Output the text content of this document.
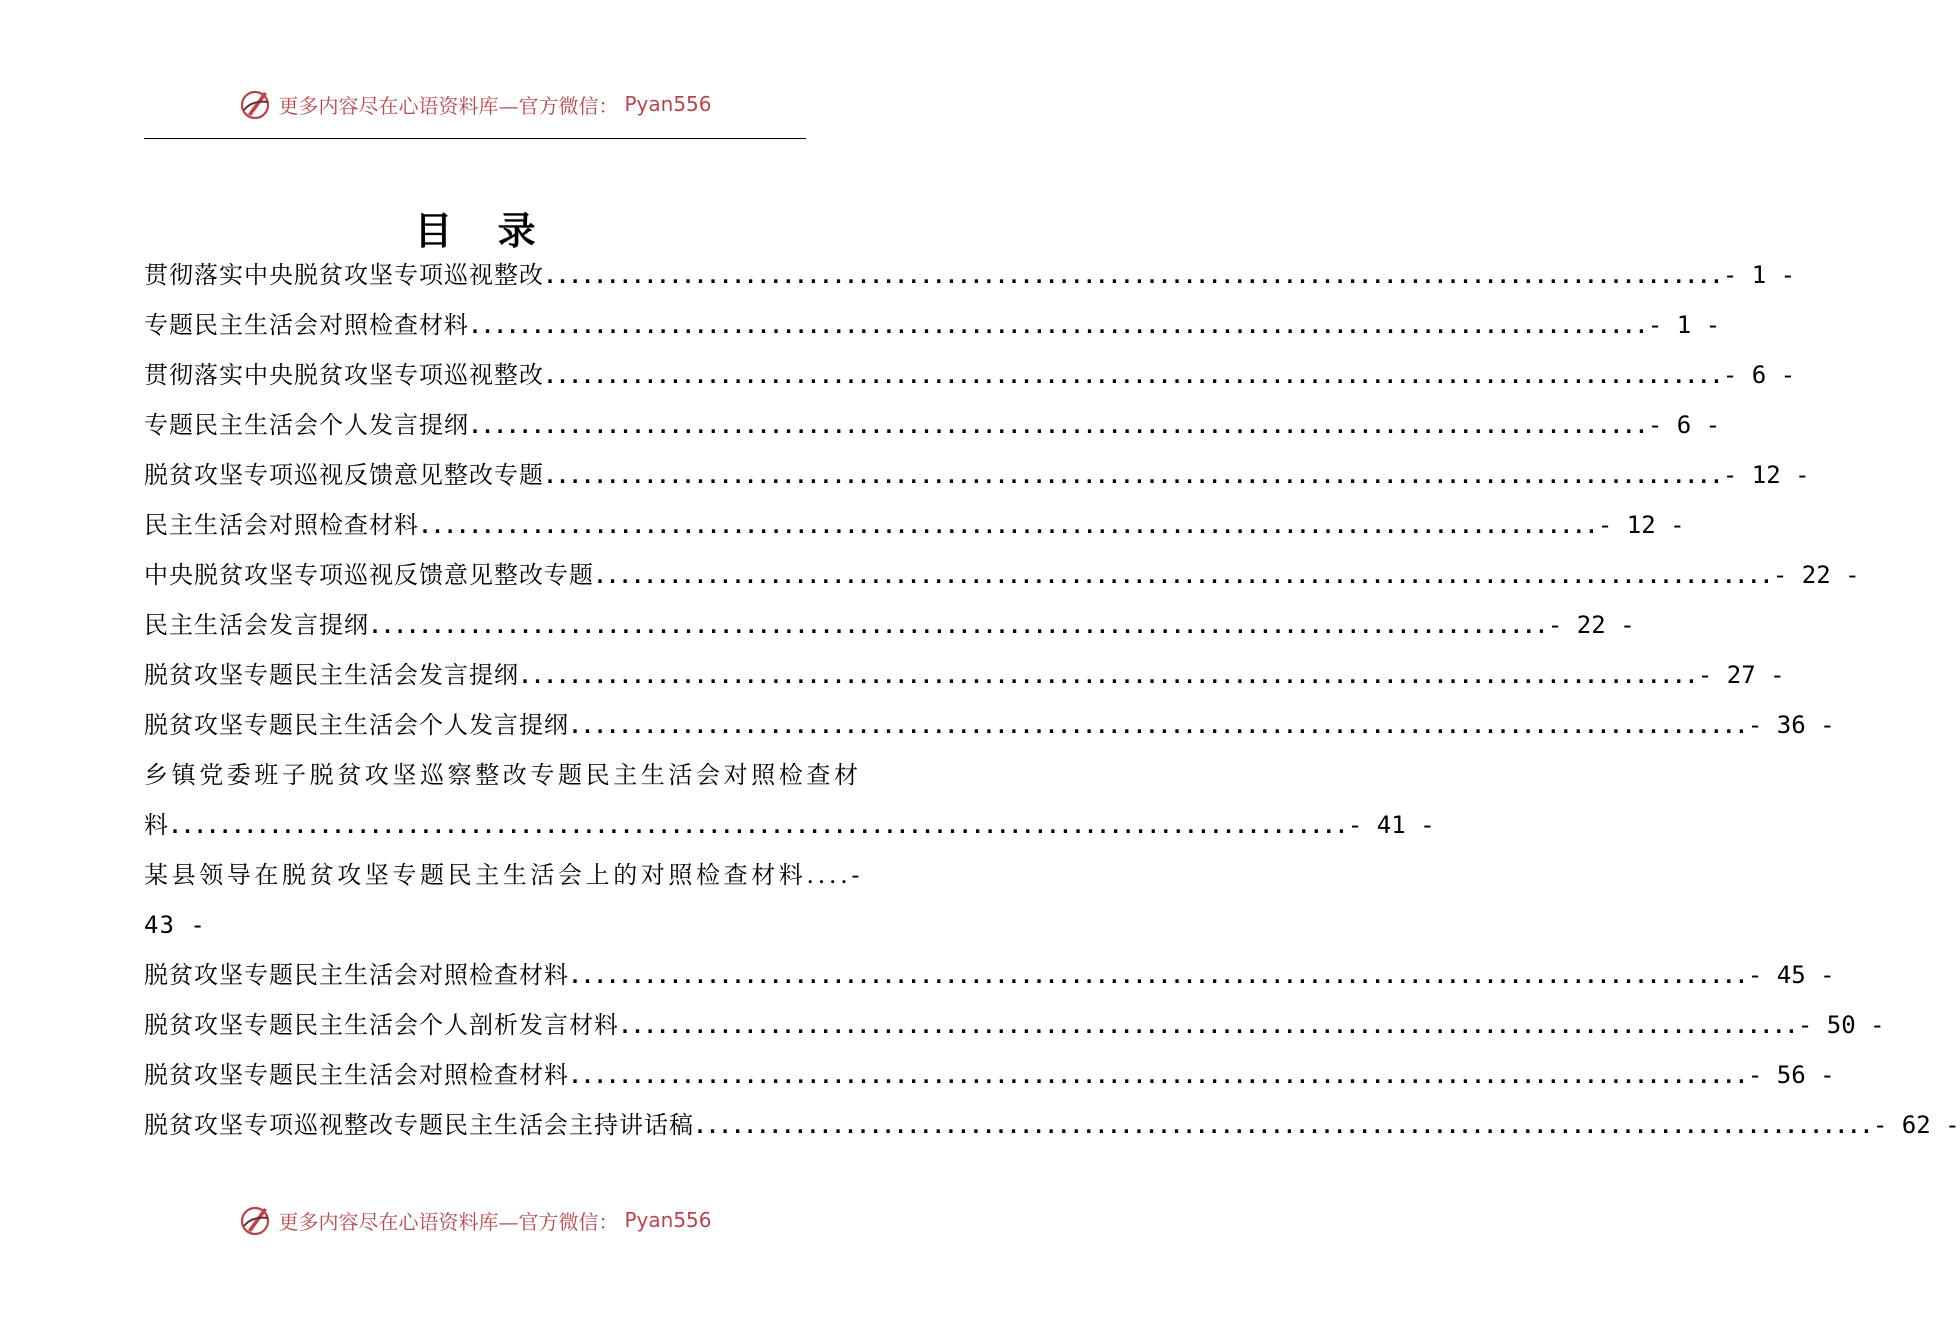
更多内容尽在心语资料库—官方微信： Pyan556
目 录
贯彻落实中央脱贫攻坚专项巡视整改 .............................................................................................. - 1 -
专题民主生活会对照检查材料 .............................................................................................. - 1 -
贯彻落实中央脱贫攻坚专项巡视整改 .............................................................................................. - 6 -
专题民主生活会个人发言提纲 .............................................................................................. - 6 -
脱贫攻坚专项巡视反馈意见整改专题 .............................................................................................. - 12 -
民主生活会对照检查材料 .............................................................................................. - 12 -
中央脱贫攻坚专项巡视反馈意见整改专题 .............................................................................................. - 22 -
民主生活会发言提纲 .............................................................................................. - 22 -
脱贫攻坚专题民主生活会发言提纲 .............................................................................................. - 27 -
脱贫攻坚专题民主生活会个人发言提纲 .............................................................................................. - 36 -
乡镇党委班子脱贫攻坚巡察整改专题民主生活会对照检查材
料 .............................................................................................. - 41 -
某县领导在脱贫攻坚专题民主生活会上的对照检查材料....-
43 -
脱贫攻坚专题民主生活会对照检查材料 .............................................................................................. - 45 -
脱贫攻坚专题民主生活会个人剖析发言材料 .............................................................................................. - 50 -
脱贫攻坚专题民主生活会对照检查材料 .............................................................................................. - 56 -
脱贫攻坚专项巡视整改专题民主生活会主持讲话稿 .............................................................................................. - 62 -
更多内容尽在心语资料库—官方微信： Pyan556
